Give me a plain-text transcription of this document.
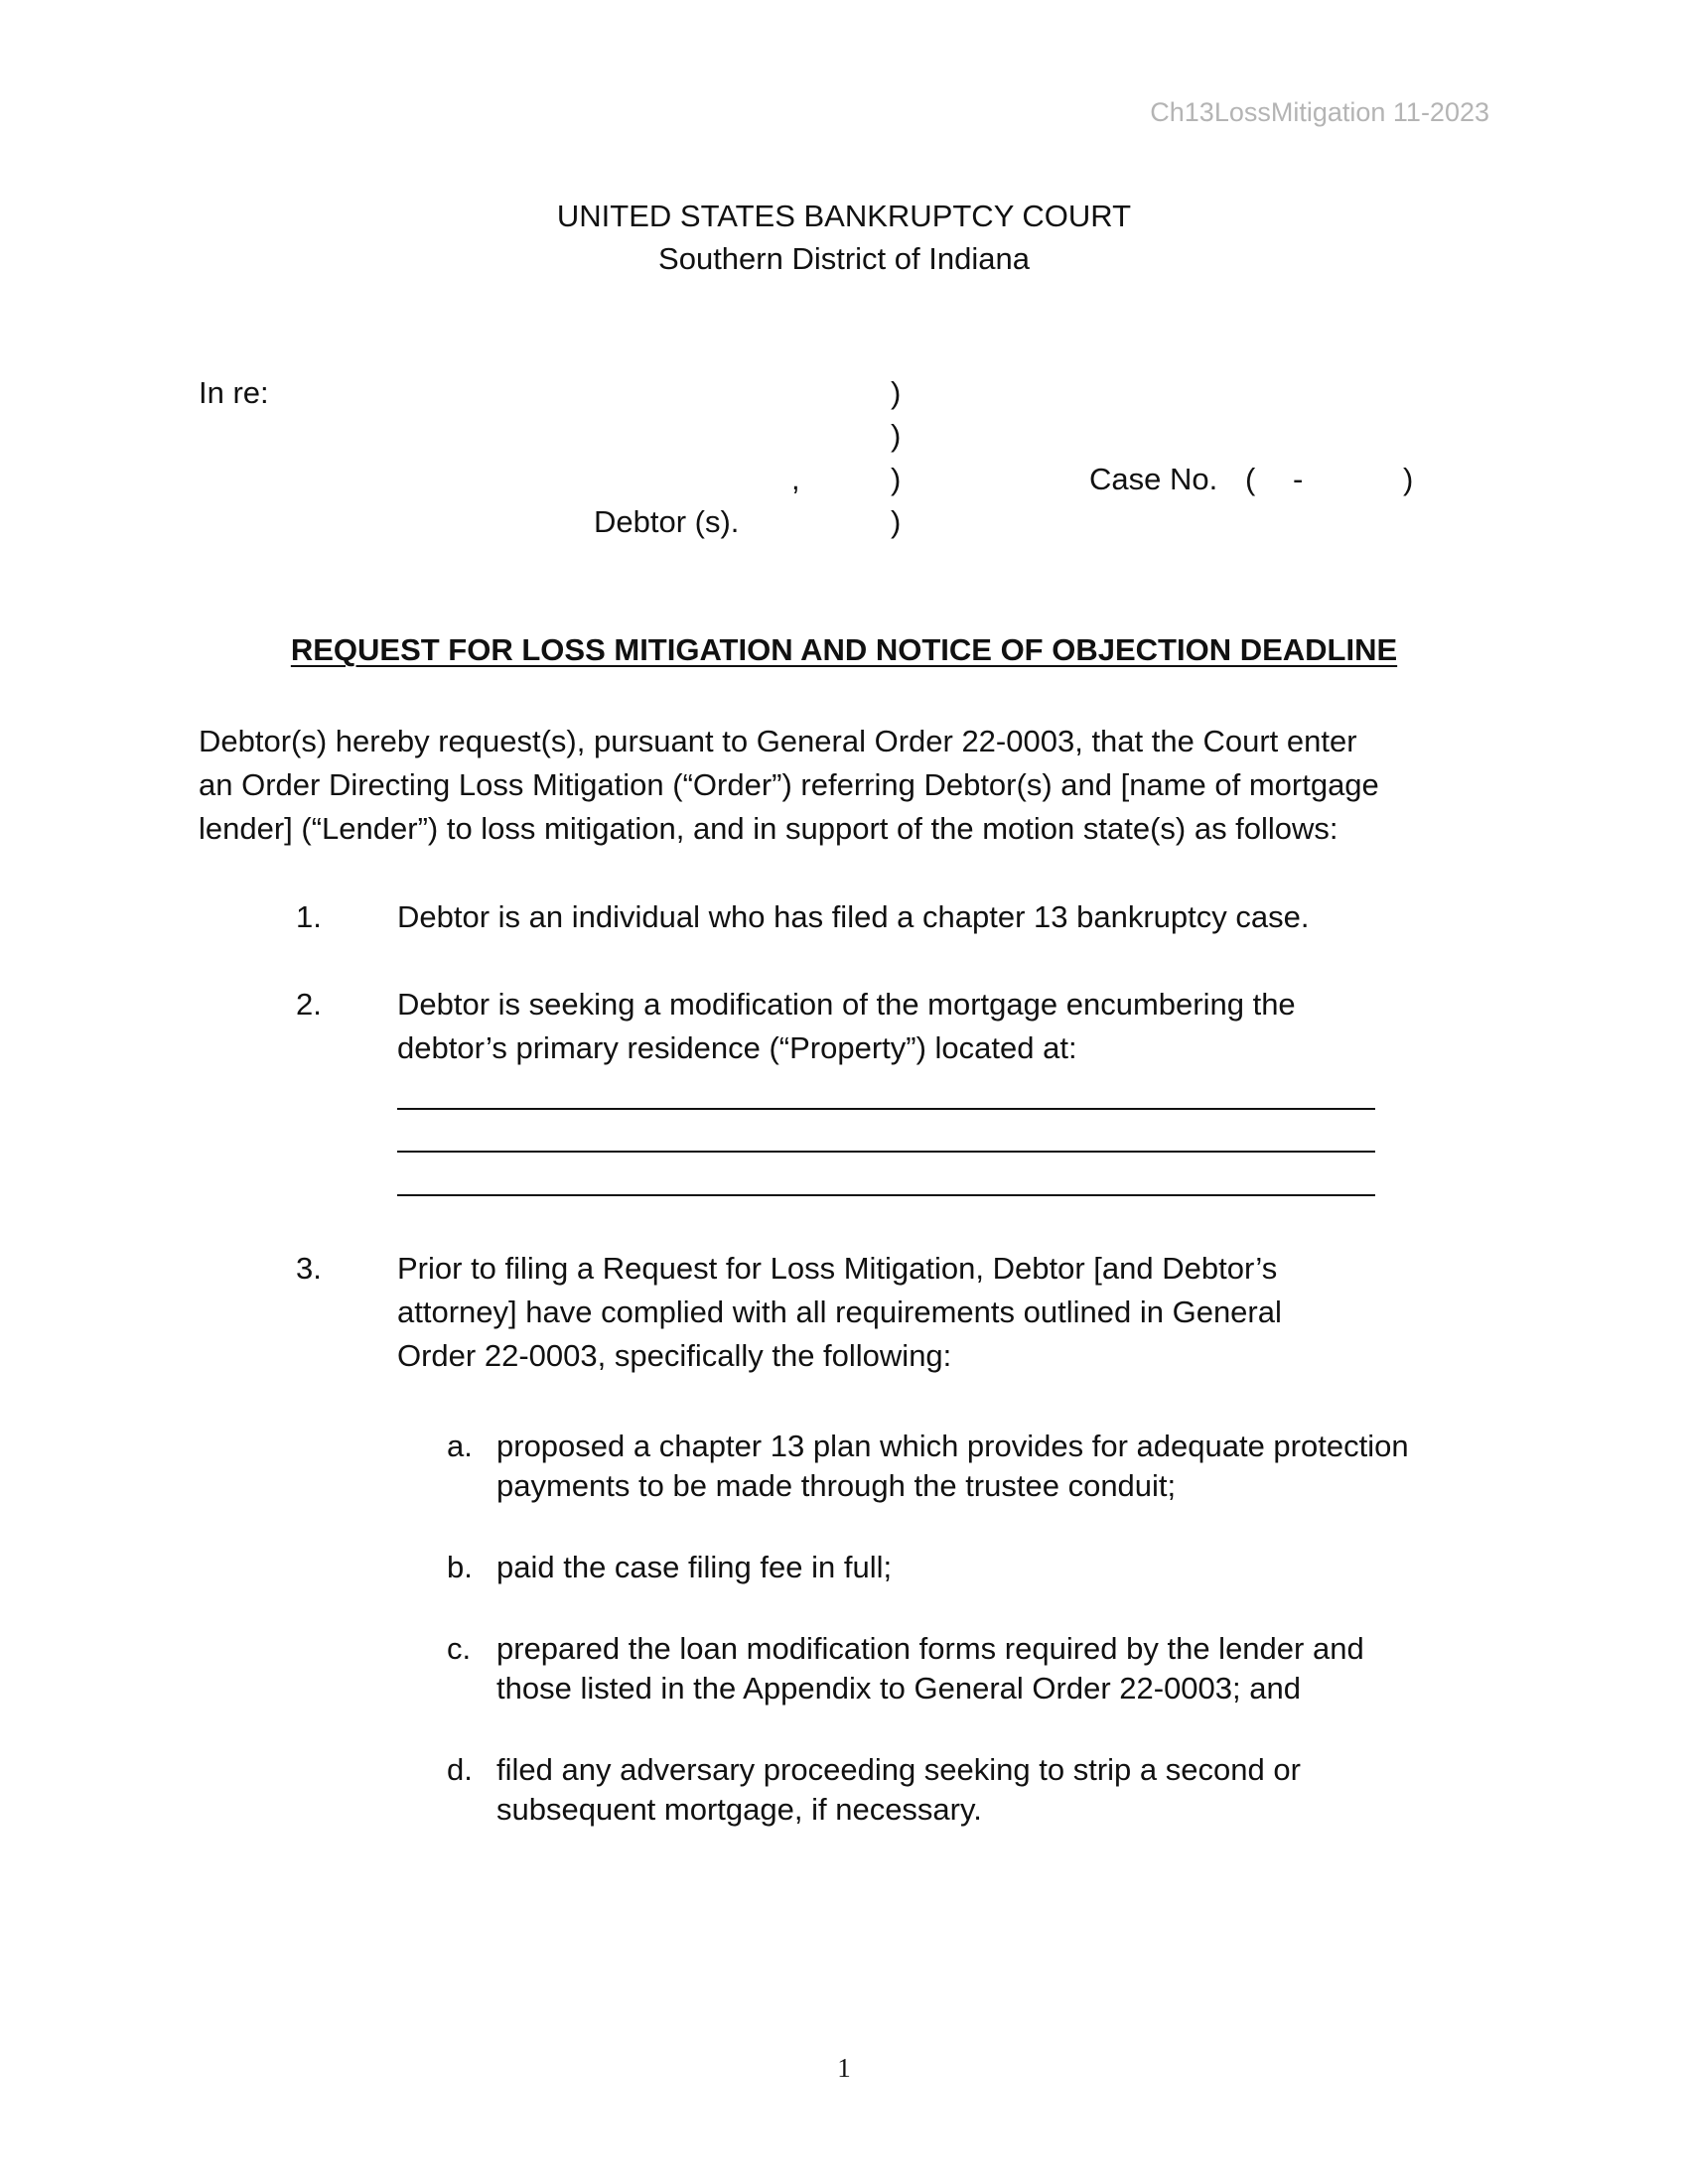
Ch13LossMitigation 11-2023
UNITED STATES BANKRUPTCY COURT
Southern District of Indiana
In re:	)
)
,	)	Case No. ( -	)
Debtor (s).	)
REQUEST FOR LOSS MITIGATION AND NOTICE OF OBJECTION DEADLINE
Debtor(s) hereby request(s), pursuant to General Order 22-0003, that the Court enter
an Order Directing Loss Mitigation (“Order”) referring Debtor(s) and [name of mortgage
lender] (“Lender”) to loss mitigation, and in support of the motion state(s) as follows:
1. Debtor is an individual who has filed a chapter 13 bankruptcy case.
2. Debtor is seeking a modification of the mortgage encumbering the
debtor’s primary residence (“Property”) located at:
3. Prior to filing a Request for Loss Mitigation, Debtor [and Debtor’s
attorney] have complied with all requirements outlined in General
Order 22-0003, specifically the following:
a. proposed a chapter 13 plan which provides for adequate protection
payments to be made through the trustee conduit;
b. paid the case filing fee in full;
c. prepared the loan modification forms required by the lender and
those listed in the Appendix to General Order 22-0003; and
d. filed any adversary proceeding seeking to strip a second or
subsequent mortgage, if necessary.
1
